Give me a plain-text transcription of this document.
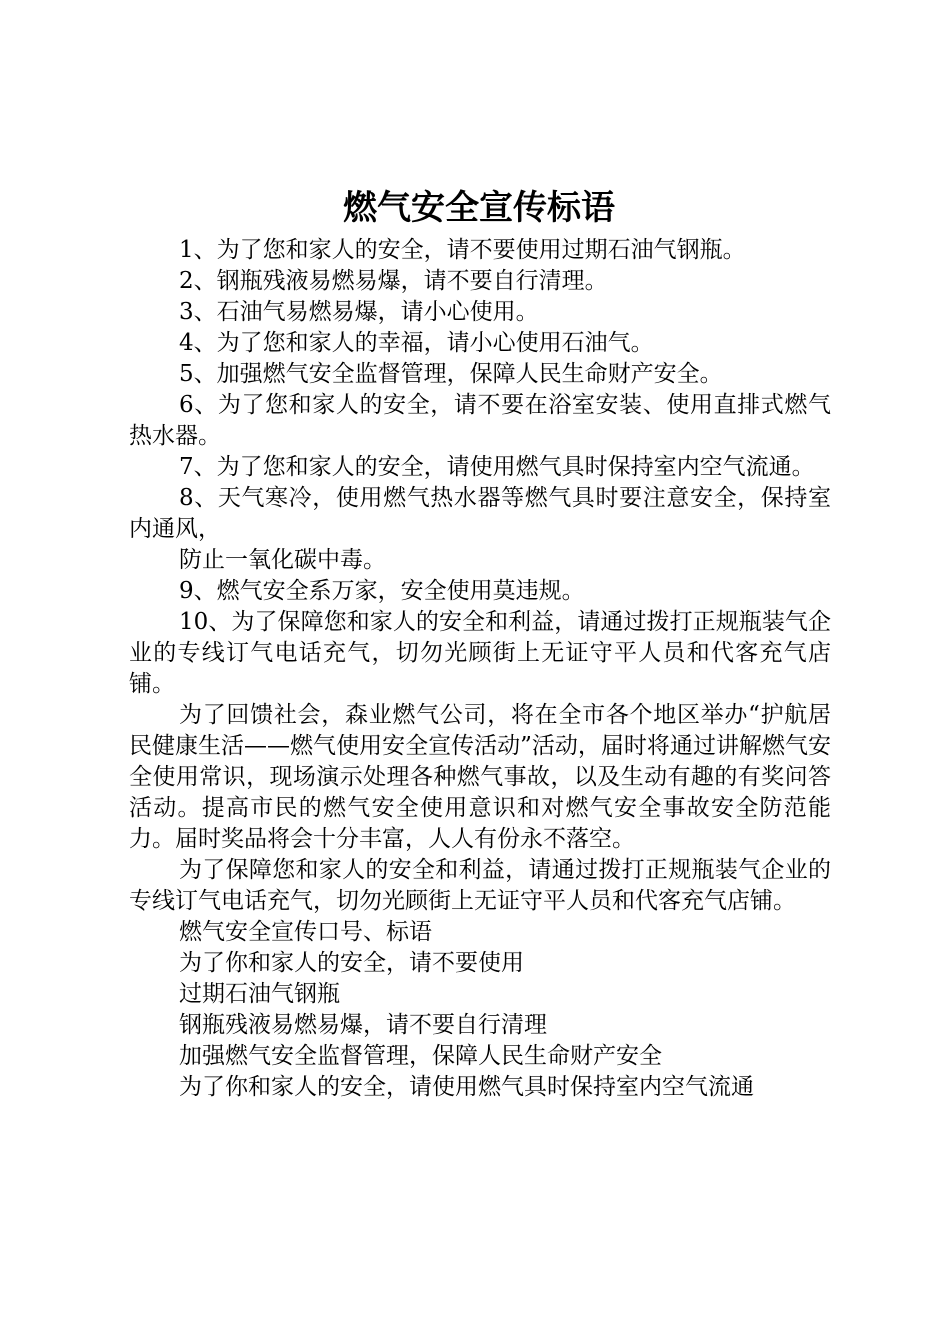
燃气安全宣传标语

1、为了您和家人的安全，请不要使用过期石油气钢瓶。

2、钢瓶残液易燃易爆，请不要自行清理。

3、石油气易燃易爆，请小心使用。

4、为了您和家人的幸福，请小心使用石油气。

5、加强燃气安全监督管理，保障人民生命财产安全。

6、为了您和家人的安全，请不要在浴室安装、使用直排式燃气热水器。

7、为了您和家人的安全，请使用燃气具时保持室内空气流通。

8、天气寒冷，使用燃气热水器等燃气具时要注意安全，保持室内通风，

防止一氧化碳中毒。

9、燃气安全系万家，安全使用莫违规。

10、为了保障您和家人的安全和利益，请通过拨打正规瓶装气企业的专线订气电话充气，切勿光顾街上无证守平人员和代客充气店铺。

为了回馈社会，森业燃气公司，将在全市各个地区举办“护航居民健康生活——燃气使用安全宣传活动”活动，届时将通过讲解燃气安全使用常识，现场演示处理各种燃气事故，以及生动有趣的有奖问答活动。提高市民的燃气安全使用意识和对燃气安全事故安全防范能力。届时奖品将会十分丰富，人人有份永不落空。

为了保障您和家人的安全和利益，请通过拨打正规瓶装气企业的专线订气电话充气，切勿光顾街上无证守平人员和代客充气店铺。

燃气安全宣传口号、标语

为了你和家人的安全，请不要使用

过期石油气钢瓶

钢瓶残液易燃易爆，请不要自行清理

加强燃气安全监督管理，保障人民生命财产安全

为了你和家人的安全，请使用燃气具时保持室内空气流通
